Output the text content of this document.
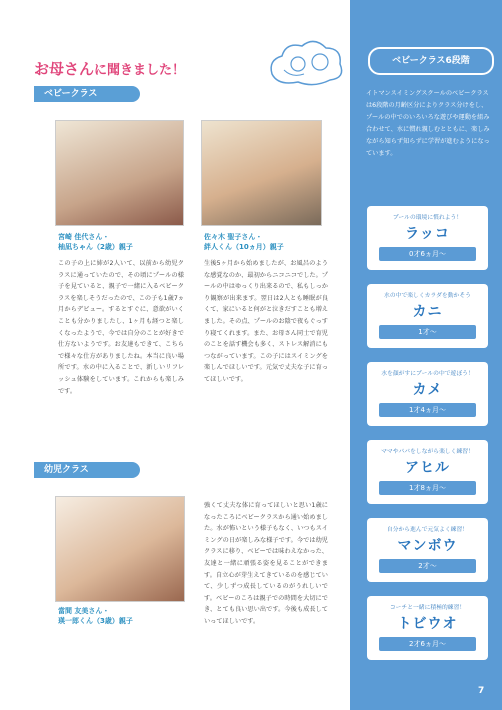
お母さんに聞きました！
ベビークラス
宮崎 佳代さん・
柚凪ちゃん（2歳）親子
佐々木 聖子さん・
絆人くん（10ヵ月）親子
この子の上に姉が2人いて、以前から幼児クラスに通っていたので、その頃にプールの様子を見ていると、親子で一緒に入るベビークラスを楽しそうだったので、この子も1歳7ヵ月からデビュー。するとすぐに、意欲がいくことも分かりましたし、1ヶ月も経つと楽しくなったようで、今では自分のことが好きで仕方ないようです。お友達もできて、こちらで様々な仕方がありましたね。本当に良い場所です。水の中に入ることで、新しいリフレッシュ体験をしています。これからも楽しみです。
生後5ヶ月から始めましたが、お風呂のような感覚なのか、最初からニコニコでした。プールの中はゆっくり出来るので、私もしっかり観察が出来ます。翌日は2人とも睡眠が良くて、家にいると何がと泣きだすことも増えました。その点、プールのお陰で夜もぐっすり寝てくれます。また、お母さん同士で育児のことを話す機会も多く、ストレス解消にもつながっています。この子にはスイミングを楽しんでほしいです。元気で丈夫な子に育ってほしいです。
幼児クラス
當間 友美さん・
瑛一郎くん（3歳）親子
強くて丈夫な体に育ってほしいと思い1歳になったころにベビークラスから通い始めました。水が怖いという様子もなく、いつもスイミングの日が楽しみな様子です。今では幼児クラスに移り、ベビーでは味わえなかった、友達と一緒に頑張る姿を見ることができます。自立心が芽生えてきているのを感じていて、少しずつ成長しているのがうれしいです。ベビーのころは親子での時間を大切にでき、とても良い思い出です。今後も成長していってほしいです。
ベビークラス6段階
イトマンスイミングスクールのベビークラスは6段階の月齢区分によりクラス分けをし、プールの中でのいろいろな遊びや運動を組み合わせて、水に慣れ親しむとともに、楽しみながら知らず知らずに学習が進むようになっています。
プールの環境に慣れよう！
ラッコ
0才6ヵ月～
水の中で楽しくカラダを動かそう
カニ
1才～
水を顔がすにプールの中で遊ぼう！
カメ
1才4ヵ月～
ママやパパをしながら楽しく練習！
アヒル
1才8ヵ月～
自分から進んで元気よく練習！
マンボウ
2才～
コーチと一緒に積極的練習！
トビウオ
2才6ヵ月～
7
